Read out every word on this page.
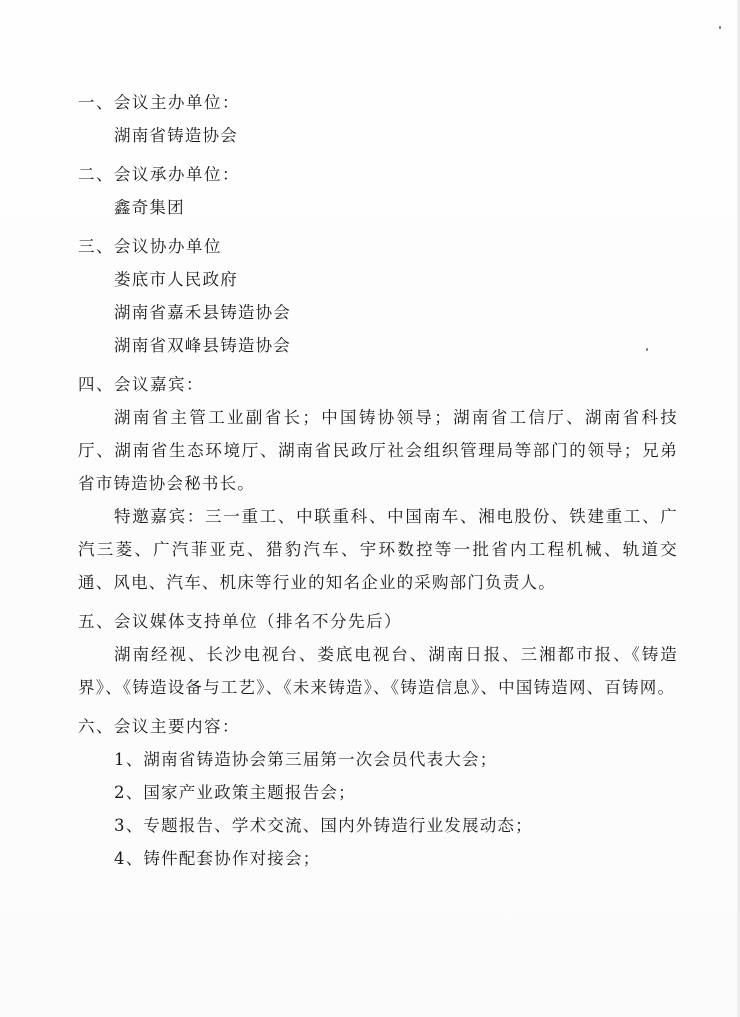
一、会议主办单位：

湖南省铸造协会

二、会议承办单位：

鑫奇集团

三、会议协办单位

娄底市人民政府

湖南省嘉禾县铸造协会

湖南省双峰县铸造协会

四、会议嘉宾：

湖南省主管工业副省长；中国铸协领导；湖南省工信厅、湖南省科技厅、湖南省生态环境厅、湖南省民政厅社会组织管理局等部门的领导；兄弟省市铸造协会秘书长。

特邀嘉宾：三一重工、中联重科、中国南车、湘电股份、铁建重工、广汽三菱、广汽菲亚克、猎豹汽车、宇环数控等一批省内工程机械、轨道交通、风电、汽车、机床等行业的知名企业的采购部门负责人。

五、会议媒体支持单位（排名不分先后）

湖南经视、长沙电视台、娄底电视台、湖南日报、三湘都市报、《铸造界》、《铸造设备与工艺》、《未来铸造》、《铸造信息》、中国铸造网、百铸网。

六、会议主要内容：

1、湖南省铸造协会第三届第一次会员代表大会；

2、国家产业政策主题报告会；

3、专题报告、学术交流、国内外铸造行业发展动态；

4、铸件配套协作对接会；
